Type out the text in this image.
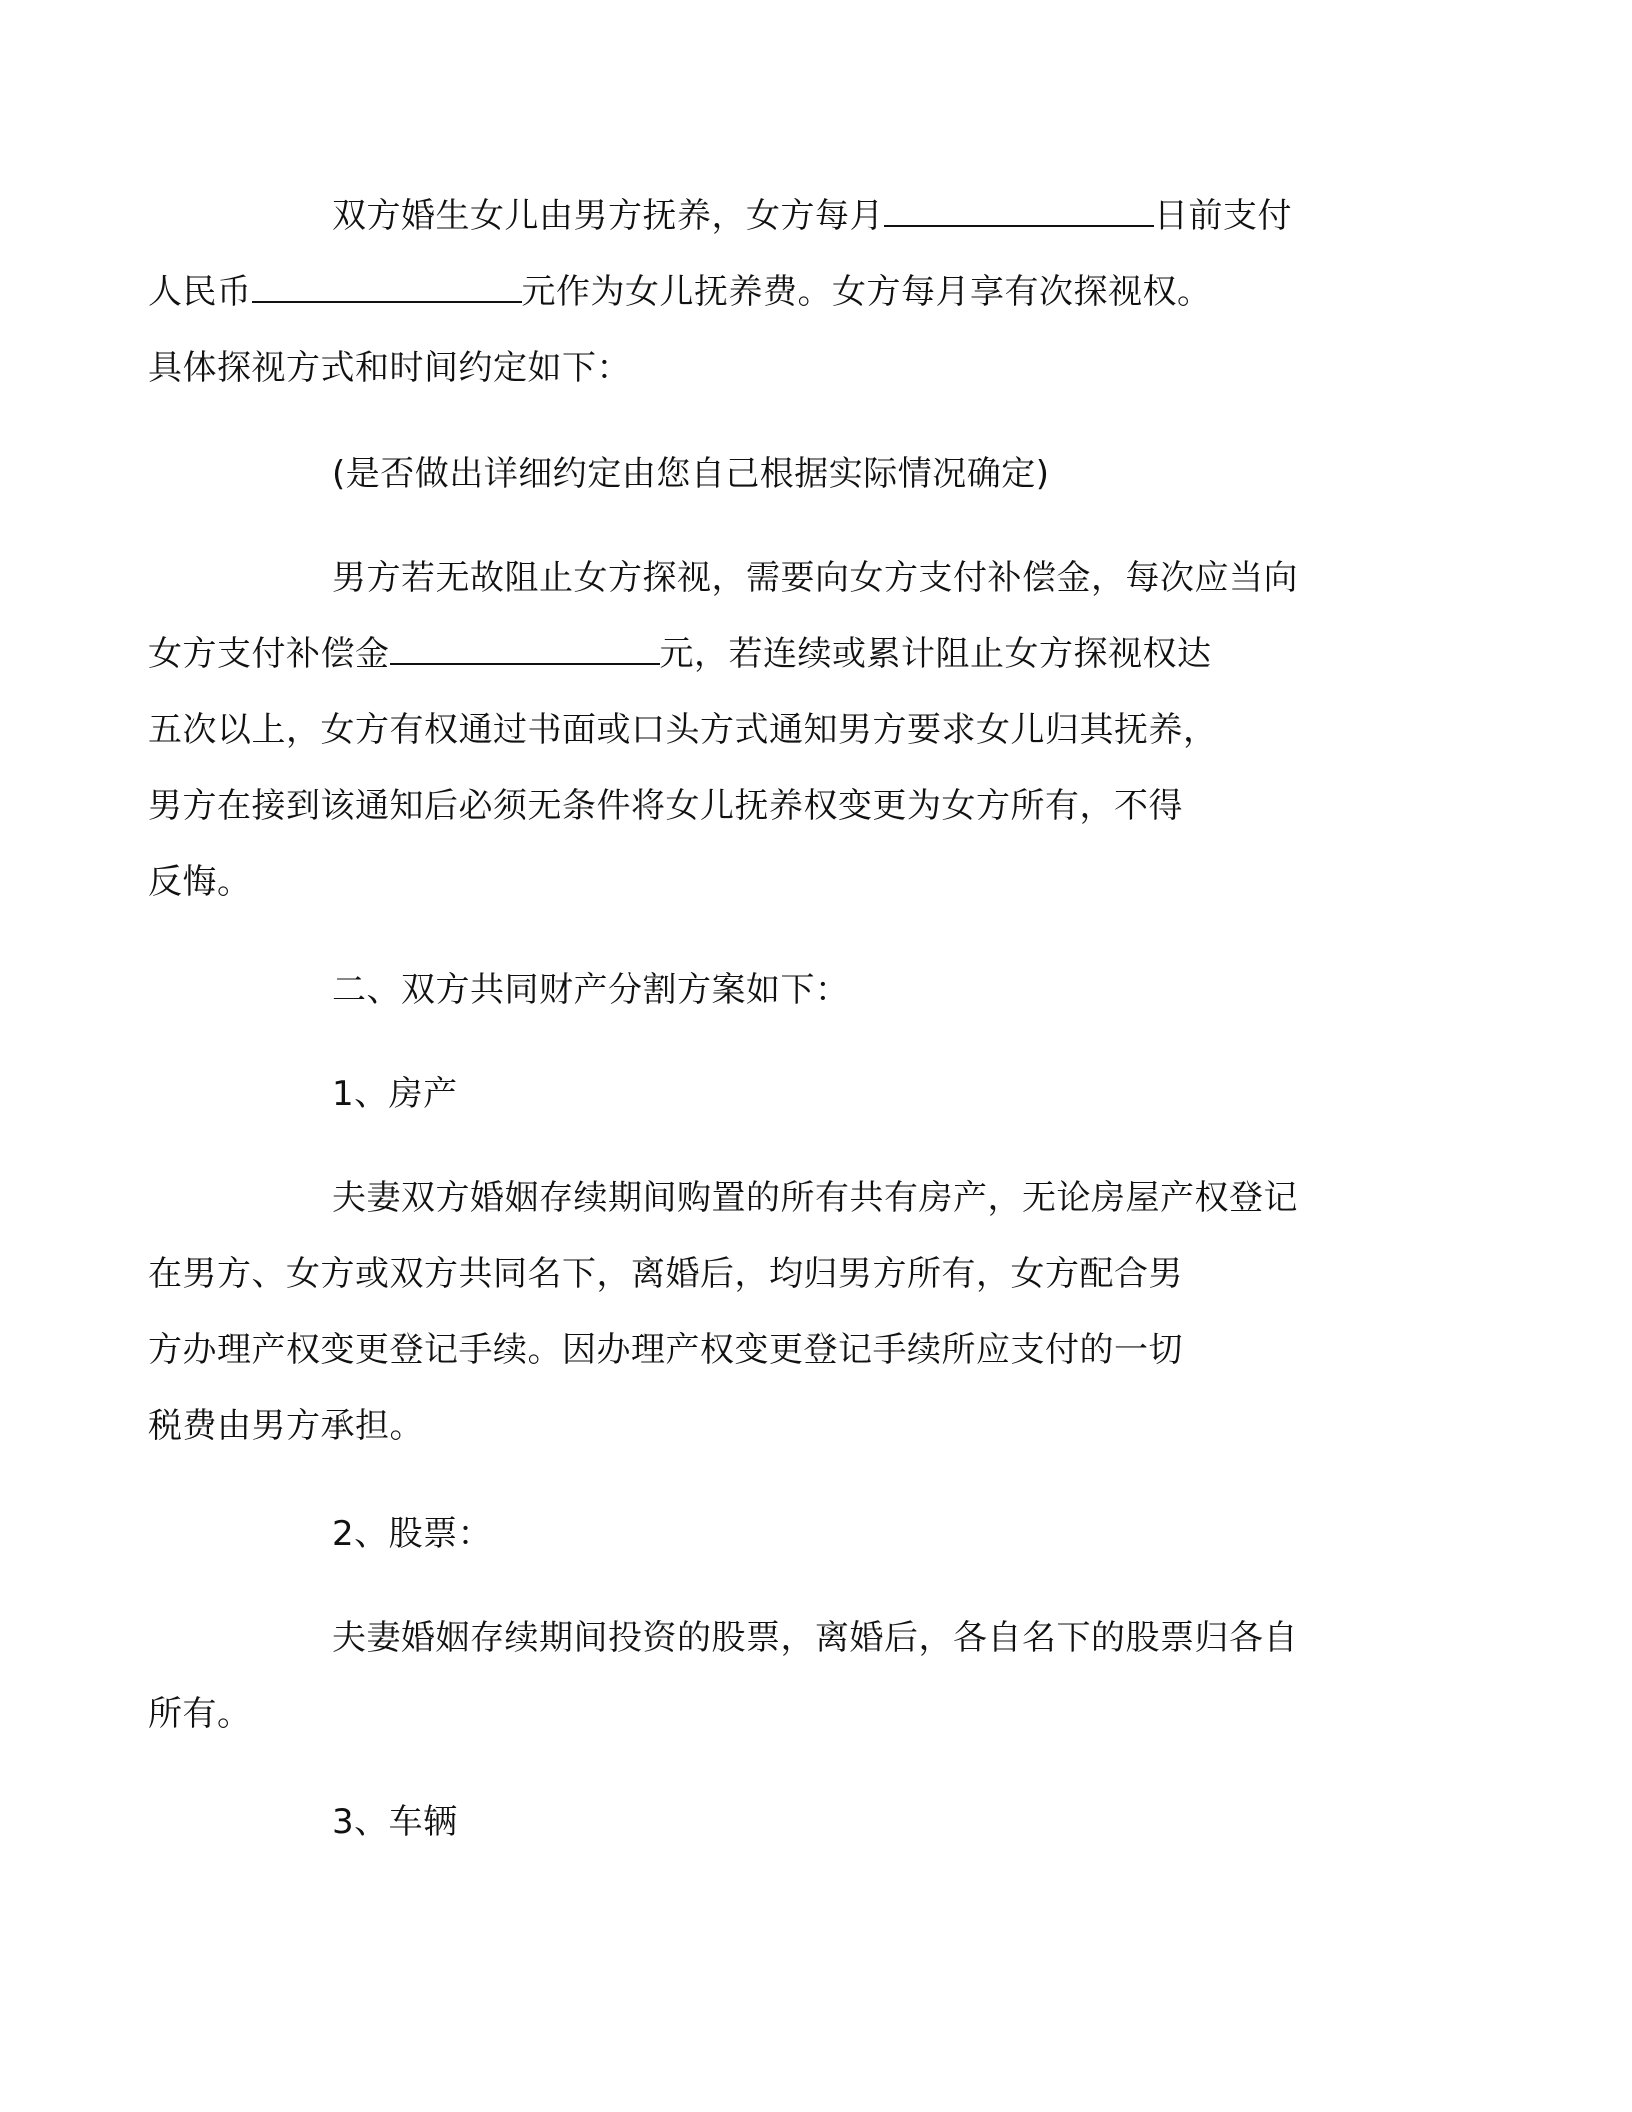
双方婚生女儿由男方抚养，女方每月	日前支付
人民币	元作为女儿抚养费。女方每月享有次探视权。
具体探视方式和时间约定如下：
(是否做出详细约定由您自己根据实际情况确定)
男方若无故阻止女方探视，需要向女方支付补偿金，每次应当向
女方支付补偿金	元，若连续或累计阻止女方探视权达
五次以上，女方有权通过书面或口头方式通知男方要求女儿归其抚养，
男方在接到该通知后必须无条件将女儿抚养权变更为女方所有，不得
反悔。
二、双方共同财产分割方案如下：
1、房产
夫妻双方婚姻存续期间购置的所有共有房产，无论房屋产权登记
在男方、女方或双方共同名下，离婚后，均归男方所有，女方配合男
方办理产权变更登记手续。因办理产权变更登记手续所应支付的一切
税费由男方承担。
2、股票：
夫妻婚姻存续期间投资的股票，离婚后，各自名下的股票归各自
所有。
3、车辆
